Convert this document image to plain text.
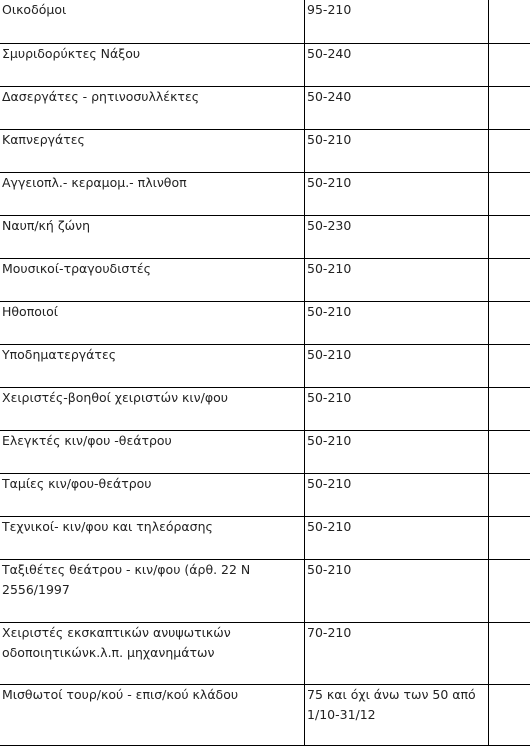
Οικοδόμοι	95-210	
Σμυριδορύκτες Νάξου	50-240	
Δασεργάτες - ρητινοσυλλέκτες	50-240	
Καπνεργάτες	50-210	
Αγγειοπλ.- κεραμομ.- πλινθοπ	50-210	
Ναυπ/κή ζώνη	50-230	
Μουσικοί-τραγουδιστές	50-210	
Ηθοποιοί	50-210	
Υποδηματεργάτες	50-210	
Χειριστές-βοηθοί χειριστών κιν/φου	50-210	
Ελεγκτές κιν/φου -θεάτρου	50-210	
Ταμίες κιν/φου-θεάτρου	50-210	
Τεχνικοί- κιν/φου και τηλεόρασης	50-210	
Ταξιθέτες θεάτρου - κιν/φου (άρθ. 22 Ν 2556/1997	50-210	
Χειριστές εκσκαπτικών ανυψωτικών οδοποιητικώνκ.λ.π. μηχανημάτων	70-210	
Μισθωτοί τουρ/κού - επισ/κού κλάδου	75 και όχι άνω των 50 από 1/10-31/12	
